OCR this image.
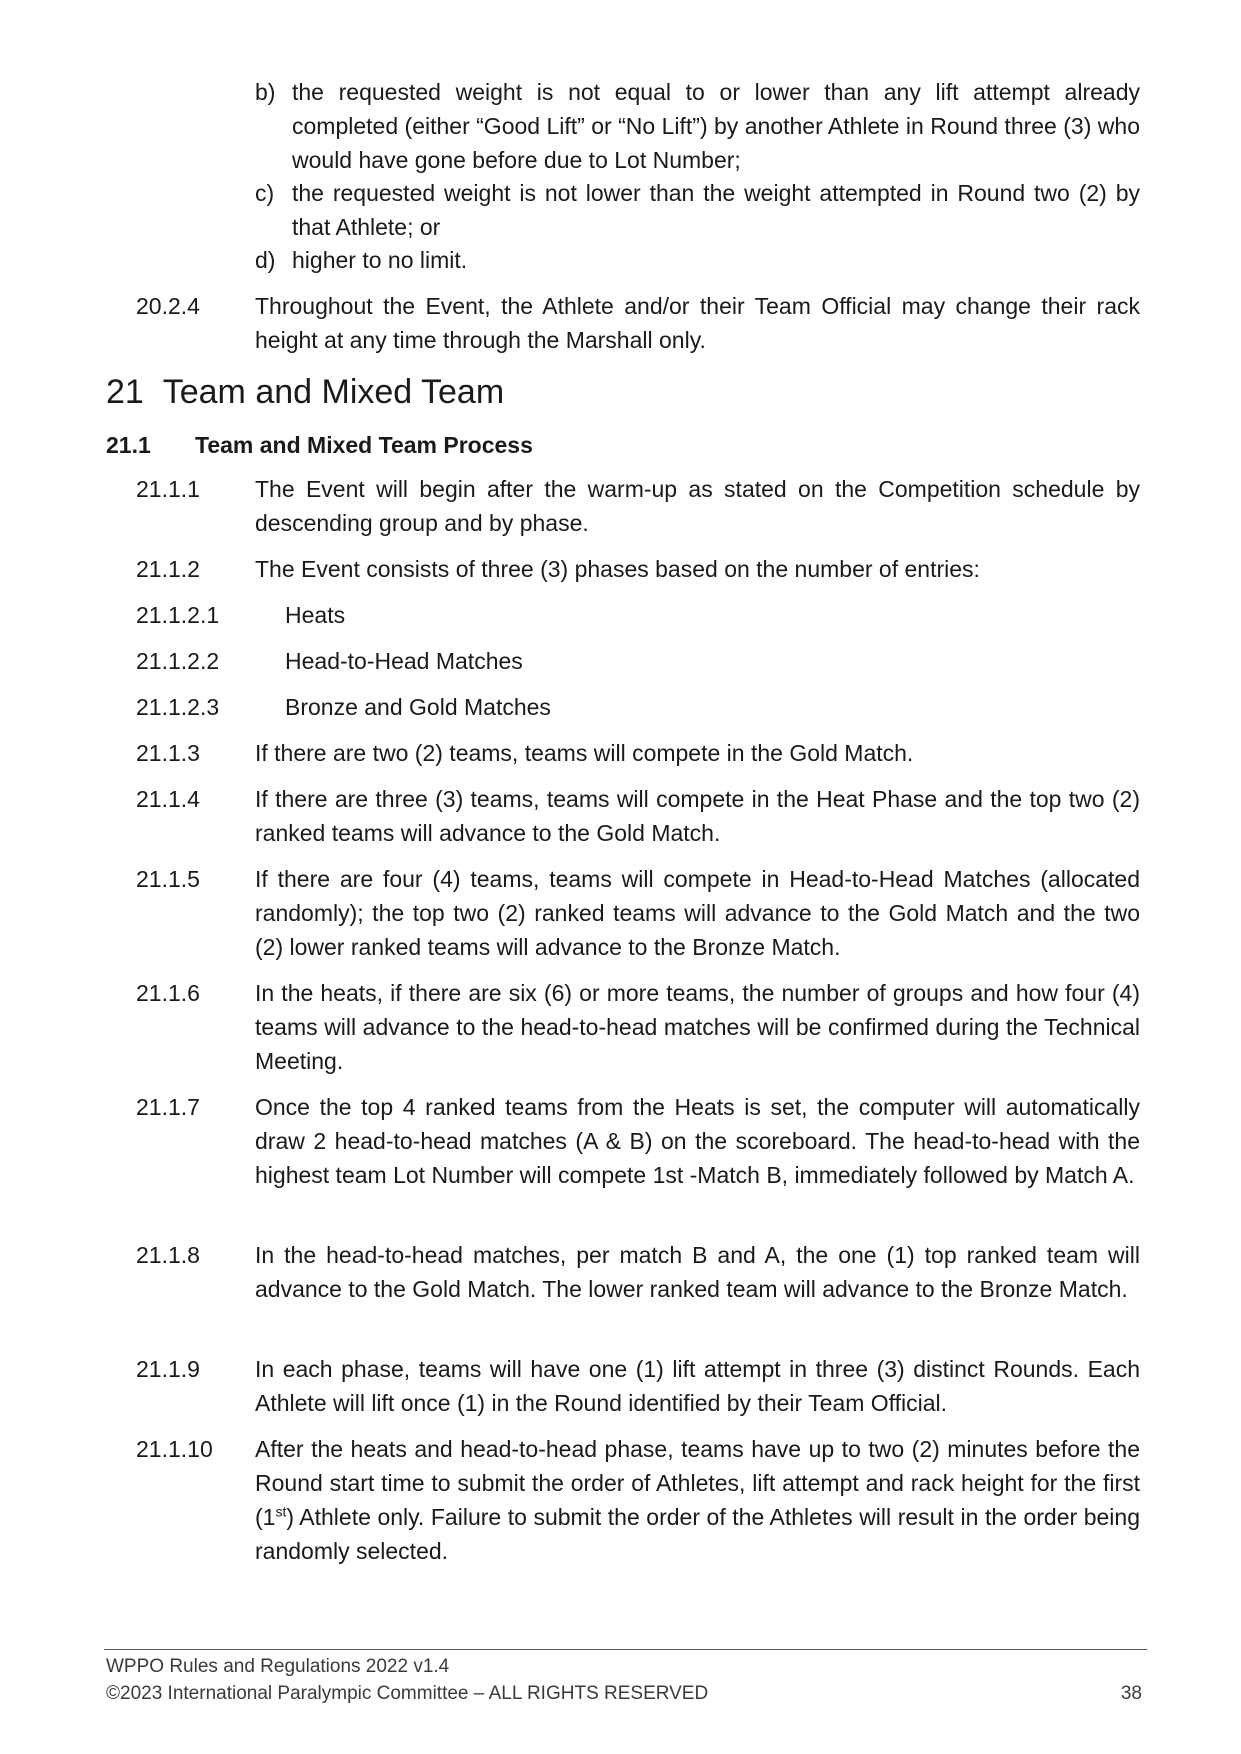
b) the requested weight is not equal to or lower than any lift attempt already completed (either “Good Lift” or “No Lift”) by another Athlete in Round three (3) who would have gone before due to Lot Number;
c) the requested weight is not lower than the weight attempted in Round two (2) by that Athlete; or
d) higher to no limit.
20.2.4 Throughout the Event, the Athlete and/or their Team Official may change their rack height at any time through the Marshall only.
21 Team and Mixed Team
21.1 Team and Mixed Team Process
21.1.1 The Event will begin after the warm-up as stated on the Competition schedule by descending group and by phase.
21.1.2 The Event consists of three (3) phases based on the number of entries:
21.1.2.1	Heats
21.1.2.2	Head-to-Head Matches
21.1.2.3	Bronze and Gold Matches
21.1.3 If there are two (2) teams, teams will compete in the Gold Match.
21.1.4 If there are three (3) teams, teams will compete in the Heat Phase and the top two (2) ranked teams will advance to the Gold Match.
21.1.5 If there are four (4) teams, teams will compete in Head-to-Head Matches (allocated randomly); the top two (2) ranked teams will advance to the Gold Match and the two (2) lower ranked teams will advance to the Bronze Match.
21.1.6 In the heats, if there are six (6) or more teams, the number of groups and how four (4) teams will advance to the head-to-head matches will be confirmed during the Technical Meeting.
21.1.7 Once the top 4 ranked teams from the Heats is set, the computer will automatically draw 2 head-to-head matches (A & B) on the scoreboard. The head-to-head with the highest team Lot Number will compete 1st -Match B, immediately followed by Match A.
21.1.8 In the head-to-head matches, per match B and A, the one (1) top ranked team will advance to the Gold Match. The lower ranked team will advance to the Bronze Match.
21.1.9 In each phase, teams will have one (1) lift attempt in three (3) distinct Rounds. Each Athlete will lift once (1) in the Round identified by their Team Official.
21.1.10 After the heats and head-to-head phase, teams have up to two (2) minutes before the Round start time to submit the order of Athletes, lift attempt and rack height for the first (1st) Athlete only. Failure to submit the order of the Athletes will result in the order being randomly selected.
WPPO Rules and Regulations 2022 v1.4
©2023 International Paralympic Committee – ALL RIGHTS RESERVED	38
